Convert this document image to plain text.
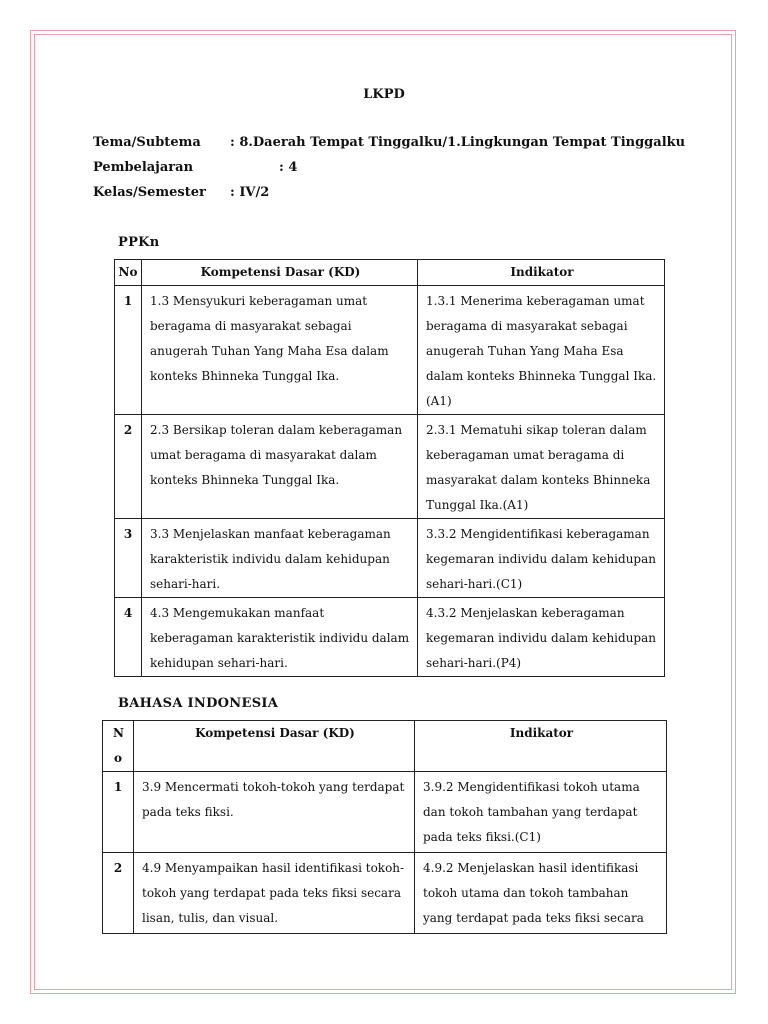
LKPD
Tema/Subtema : 8.Daerah Tempat Tinggalku/1.Lingkungan Tempat Tinggalku
Pembelajaran	: 4
Kelas/Semester : IV/2
PPKn
No	Kompetensi Dasar (KD)	Indikator
1	1.3 Mensyukuri keberagaman umat beragama di masyarakat sebagai anugerah Tuhan Yang Maha Esa dalam konteks Bhinneka Tunggal Ika.	1.3.1 Menerima keberagaman umat beragama di masyarakat sebagai anugerah Tuhan Yang Maha Esa dalam konteks Bhinneka Tunggal Ika.(A1)
2	2.3 Bersikap toleran dalam keberagaman umat beragama di masyarakat dalam konteks Bhinneka Tunggal Ika.	2.3.1 Mematuhi sikap toleran dalam keberagaman umat beragama di masyarakat dalam konteks Bhinneka Tunggal Ika.(A1)
3	3.3 Menjelaskan manfaat keberagaman karakteristik individu dalam kehidupan sehari-hari.	3.3.2 Mengidentifikasi keberagaman kegemaran individu dalam kehidupan sehari-hari.(C1)
4	4.3 Mengemukakan manfaat keberagaman karakteristik individu dalam kehidupan sehari-hari.	4.3.2 Menjelaskan keberagaman kegemaran individu dalam kehidupan sehari-hari.(P4)
BAHASA INDONESIA
No	Kompetensi Dasar (KD)	Indikator
1	3.9 Mencermati tokoh-tokoh yang terdapat pada teks fiksi.	3.9.2 Mengidentifikasi tokoh utama dan tokoh tambahan yang terdapat pada teks fiksi.(C1)
2	4.9 Menyampaikan hasil identifikasi tokoh-tokoh yang terdapat pada teks fiksi secara lisan, tulis, dan visual.	4.9.2 Menjelaskan hasil identifikasi tokoh utama dan tokoh tambahan yang terdapat pada teks fiksi secara
